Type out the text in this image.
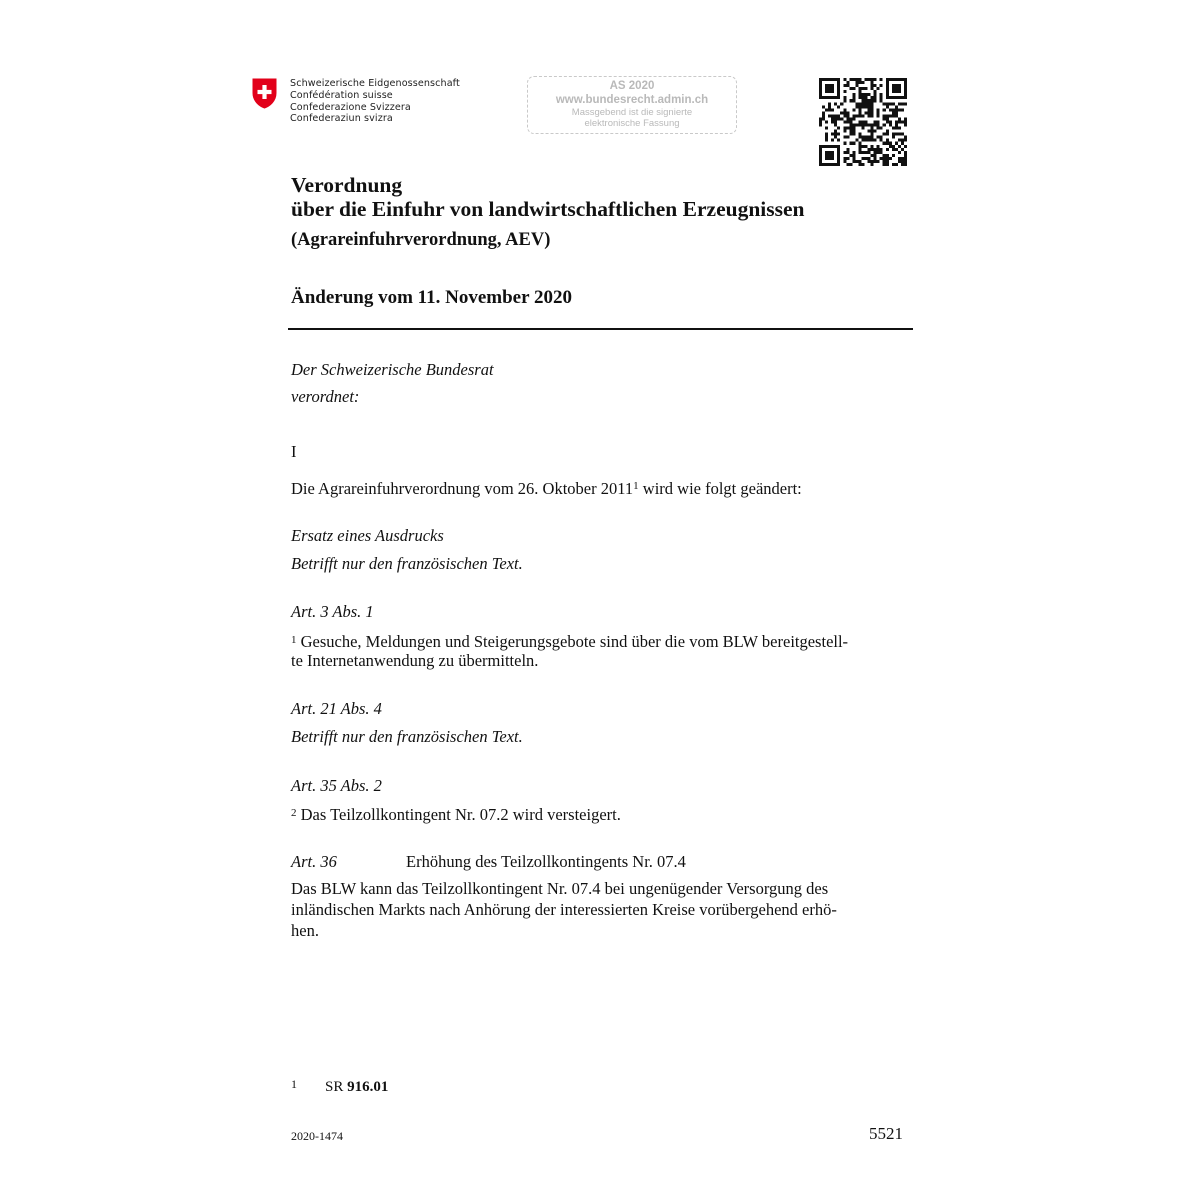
Schweizerische Eidgenossenschaft
Confédération suisse
Confederazione Svizzera
Confederaziun svizra
AS 2020
www.bundesrecht.admin.ch
Massgebend ist die signierte
elektronische Fassung
Verordnung
über die Einfuhr von landwirtschaftlichen Erzeugnissen
(Agrareinfuhrverordnung, AEV)
Änderung vom 11. November 2020
Der Schweizerische Bundesrat
verordnet:
I
Die Agrareinfuhrverordnung vom 26. Oktober 2011$^1$ wird wie folgt geändert:
Ersatz eines Ausdrucks
Betrifft nur den französischen Text.
Art. 3 Abs. 1
$^1$ Gesuche, Meldungen und Steigerungsgebote sind über die vom BLW bereitgestell-
te Internetanwendung zu übermitteln.
Art. 21 Abs. 4
Betrifft nur den französischen Text.
Art. 35 Abs. 2
$^2$ Das Teilzollkontingent Nr. 07.2 wird versteigert.
Art. 36	Erhöhung des Teilzollkontingents Nr. 07.4
Das BLW kann das Teilzollkontingent Nr. 07.4 bei ungenügender Versorgung des
inländischen Markts nach Anhörung der interessierten Kreise vorübergehend erhö-
hen.
1 SR 916.01
2020-1474	5521
